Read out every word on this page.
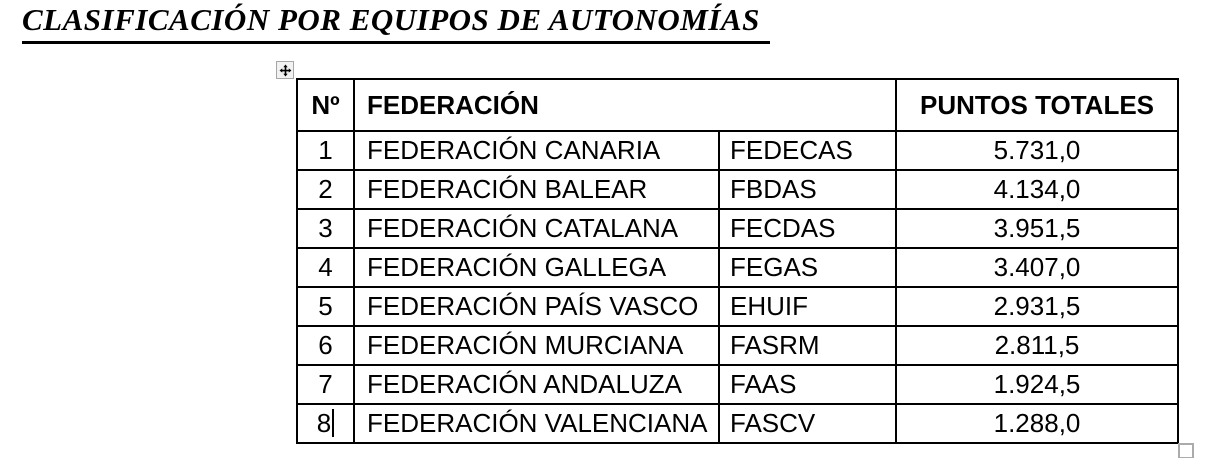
CLASIFICACIÓN POR EQUIPOS DE AUTONOMÍAS
Nº	FEDERACIÓN		PUNTOS TOTALES
1	FEDERACIÓN CANARIA	FEDECAS	5.731,0
2	FEDERACIÓN BALEAR	FBDAS	4.134,0
3	FEDERACIÓN CATALANA	FECDAS	3.951,5
4	FEDERACIÓN GALLEGA	FEGAS	3.407,0
5	FEDERACIÓN PAÍS VASCO	EHUIF	2.931,5
6	FEDERACIÓN MURCIANA	FASRM	2.811,5
7	FEDERACIÓN ANDALUZA	FAAS	1.924,5
8	FEDERACIÓN VALENCIANA	FASCV	1.288,0
